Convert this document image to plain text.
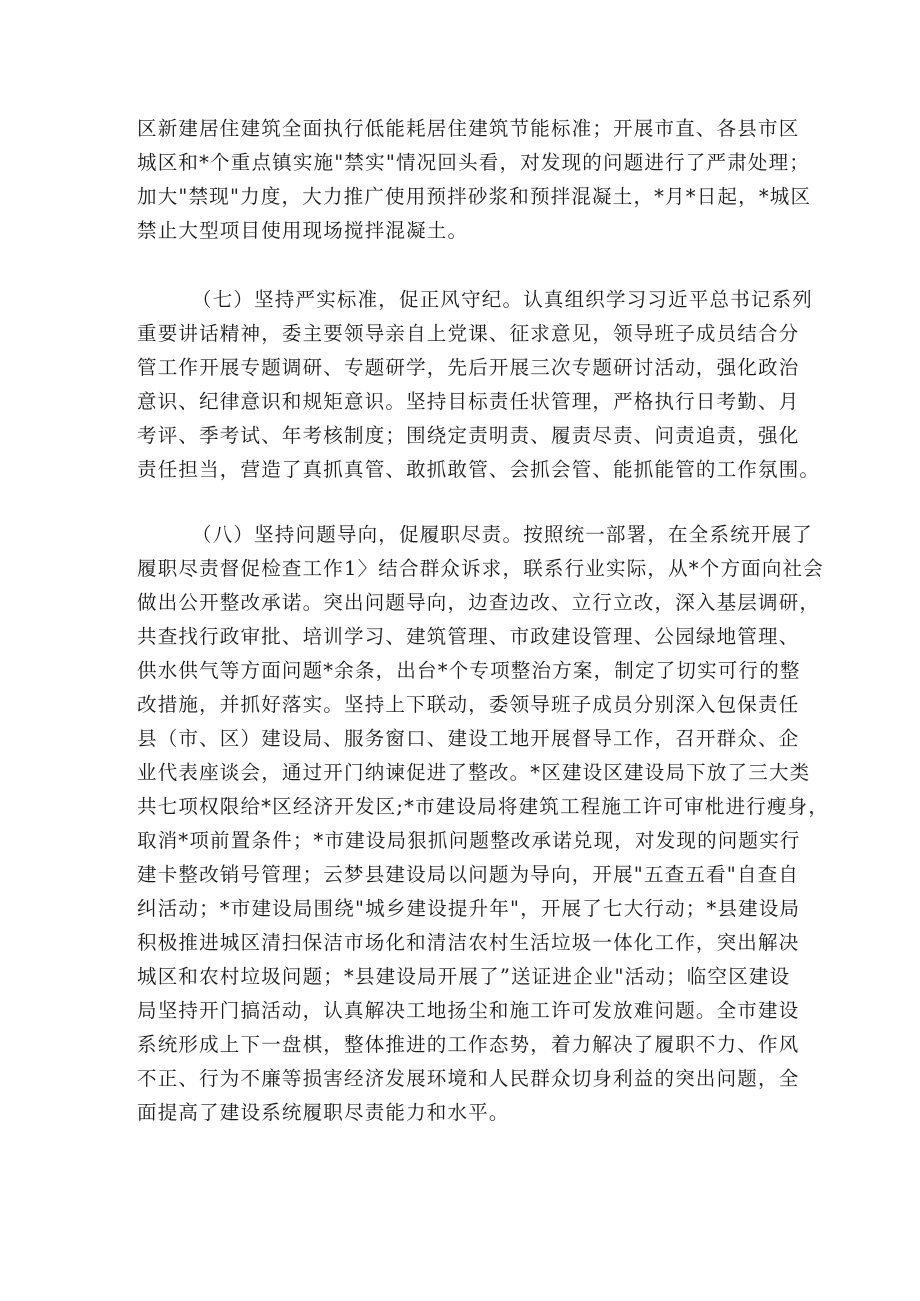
区新建居住建筑全面执行低能耗居住建筑节能标准；开展市直、各县市区
城区和*个重点镇实施"禁实"情况回头看，对发现的问题进行了严肃处理；
加大"禁现"力度，大力推广使用预拌砂浆和预拌混凝土，*月*日起，*城区
禁止大型项目使用现场搅拌混凝土。
（七）坚持严实标准，促正风守纪。认真组织学习习近平总书记系列
重要讲话精神，委主要领导亲自上党课、征求意见，领导班子成员结合分
管工作开展专题调研、专题研学，先后开展三次专题研讨活动，强化政治
意识、纪律意识和规矩意识。坚持目标责任状管理，严格执行日考勤、月
考评、季考试、年考核制度；围绕定责明责、履责尽责、问责追责，强化
责任担当，营造了真抓真管、敢抓敢管、会抓会管、能抓能管的工作氛围。
（八）坚持问题导向，促履职尽责。按照统一部署，在全系统开展了
履职尽责督促检查工作1〉结合群众诉求，联系行业实际，从*个方面向社会
做出公开整改承诺。突出问题导向，边查边改、立行立改，深入基层调研，
共查找行政审批、培训学习、建筑管理、市政建设管理、公园绿地管理、
供水供气等方面问题*余条，出台*个专项整治方案，制定了切实可行的整
改措施，并抓好落实。坚持上下联动，委领导班子成员分别深入包保责任
县（市、区）建设局、服务窗口、建设工地开展督导工作，召开群众、企
业代表座谈会，通过开门纳谏促进了整改。*区建设区建设局下放了三大类
共七项权限给*区经济开发区;*市建设局将建筑工程施工许可审枇进行瘦身，
取消*项前置条件；*市建设局狠抓问题整改承诺兑现，对发现的问题实行
建卡整改销号管理；云梦县建设局以问题为导向，开展"五查五看"自查自
纠活动；*市建设局围绕"城乡建设提升年"，开展了七大行动；*县建设局
积极推进城区清扫保洁市场化和清洁农村生活垃圾一体化工作，突出解决
城区和农村垃圾问题；*县建设局开展了”送证进企业"活动；临空区建设
局坚持开门搞活动，认真解决工地扬尘和施工许可发放难问题。全市建设
系统形成上下一盘棋，整体推进的工作态势，着力解决了履职不力、作风
不正、行为不廉等损害经济发展环境和人民群众切身利益的突出问题，全
面提高了建设系统履职尽责能力和水平。
